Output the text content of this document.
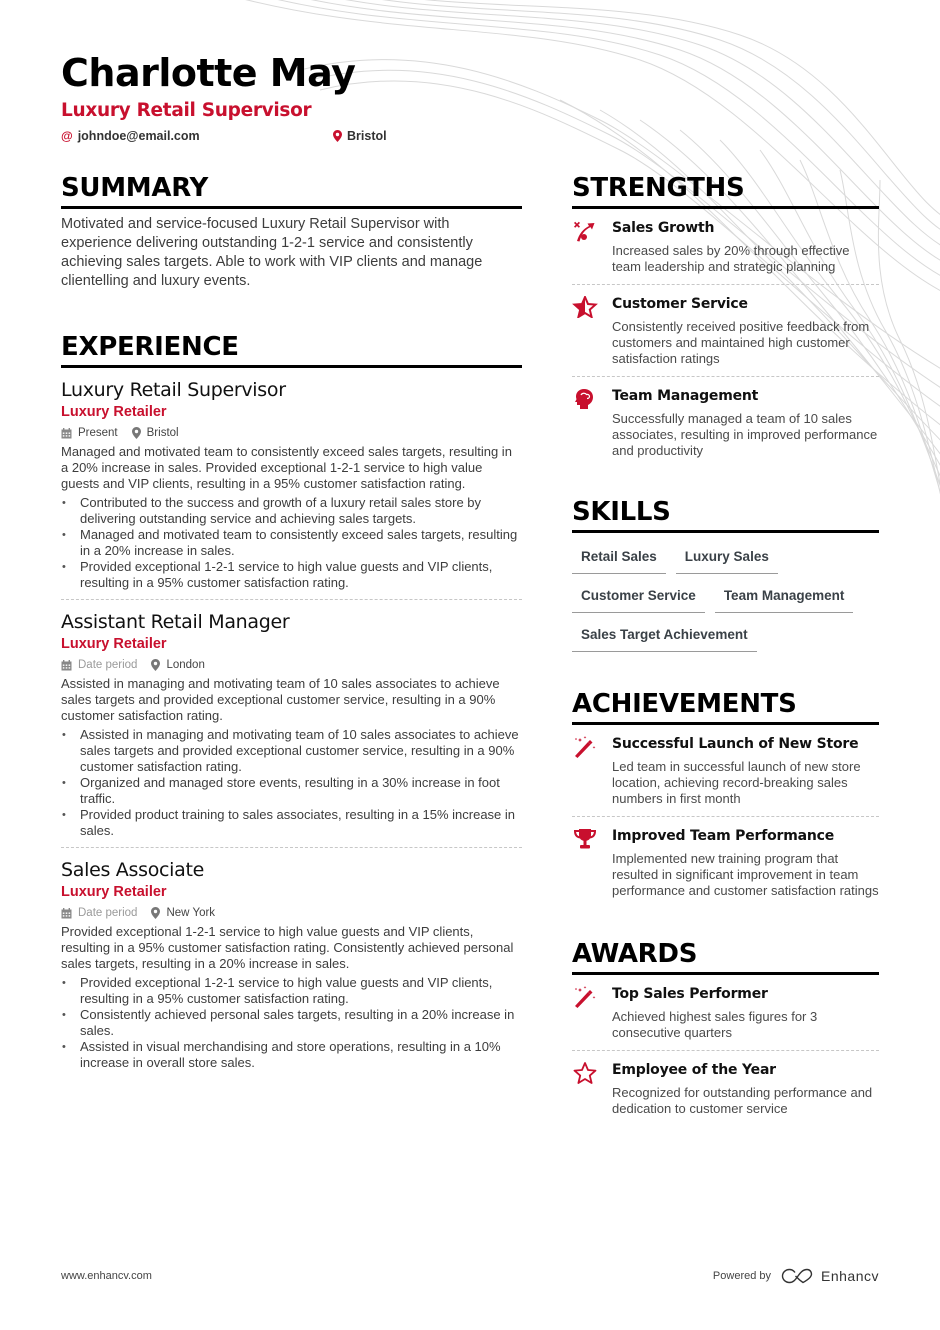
Charlotte May
Luxury Retail Supervisor
@ johndoe@email.com	Bristol
SUMMARY

Motivated and service-focused Luxury Retail Supervisor with experience delivering outstanding 1-2-1 service and consistently achieving sales targets. Able to work with VIP clients and manage clientelling and luxury events.

EXPERIENCE
Luxury Retail Supervisor
Luxury Retailer
Present	Bristol

Managed and motivated team to consistently exceed sales targets, resulting in a 20% increase in sales. Provided exceptional 1-2-1 service to high value guests and VIP clients, resulting in a 95% customer satisfaction rating.

• Contributed to the success and growth of a luxury retail sales store by delivering outstanding service and achieving sales targets.
• Managed and motivated team to consistently exceed sales targets, resulting in a 20% increase in sales.
• Provided exceptional 1-2-1 service to high value guests and VIP clients, resulting in a 95% customer satisfaction rating.
Assistant Retail Manager
Luxury Retailer
Date period	London

Assisted in managing and motivating team of 10 sales associates to achieve sales targets and provided exceptional customer service, resulting in a 90% customer satisfaction rating.

• Assisted in managing and motivating team of 10 sales associates to achieve sales targets and provided exceptional customer service, resulting in a 90% customer satisfaction rating.
• Organized and managed store events, resulting in a 30% increase in foot traffic.
• Provided product training to sales associates, resulting in a 15% increase in sales.
Sales Associate
Luxury Retailer
Date period	New York

Provided exceptional 1-2-1 service to high value guests and VIP clients, resulting in a 95% customer satisfaction rating. Consistently achieved personal sales targets, resulting in a 20% increase in sales.

• Provided exceptional 1-2-1 service to high value guests and VIP clients, resulting in a 95% customer satisfaction rating.
• Consistently achieved personal sales targets, resulting in a 20% increase in sales.
• Assisted in visual merchandising and store operations, resulting in a 10% increase in overall store sales.
STRENGTHS
Sales Growth
Increased sales by 20% through effective team leadership and strategic planning
Customer Service
Consistently received positive feedback from customers and maintained high customer satisfaction ratings
Team Management
Successfully managed a team of 10 sales associates, resulting in improved performance and productivity
SKILLS
Retail Sales	Luxury Sales
Customer Service	Team Management
Sales Target Achievement
ACHIEVEMENTS
Successful Launch of New Store
Led team in successful launch of new store location, achieving record-breaking sales numbers in first month
Improved Team Performance
Implemented new training program that resulted in significant improvement in team performance and customer satisfaction ratings
AWARDS
Top Sales Performer
Achieved highest sales figures for 3 consecutive quarters
Employee of the Year
Recognized for outstanding performance and dedication to customer service
www.enhancv.com	Powered by	Enhancv
